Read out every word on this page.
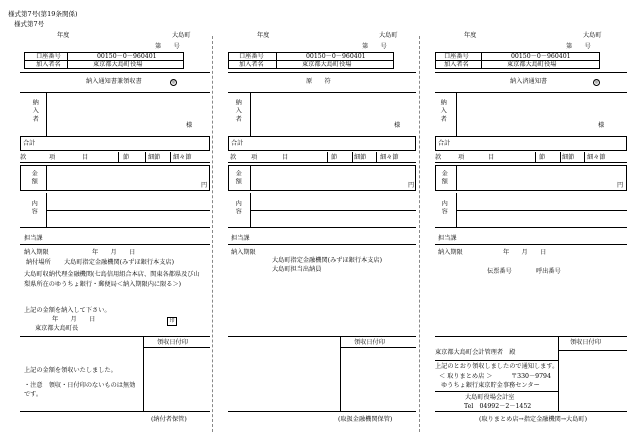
様式第7号(第19条関係)
様式第7号
年度	大島町
第　　号
口座番号	00150－0－960401
加入者名	東京都大島町役場
納入通知書兼領収書	◎
納入者
様
合計
款	項	目	節	細節 細々節
金額	円
内容
担当課
納入期限	年　　月　　日
納付場所 大島町指定金融機関(みずほ銀行本支店)
大島町収納代理金融機関(七島信用組合本店、関東各都県及び山梨県所在のゆうちょ銀行・郵便局＜納入期限内に限る＞)
上記の金額を納入して下さい。
年　　月　　日
東京都大島町長
印
領収日付印
上記の金額を領収いたしました。
・注意　領収・日付印のないものは無効です。
(納付者保管)
年度	大島町
第　　号
口座番号	00150－0－960401
加入者名	東京都大島町役場
原　　符
納入者
様
合計
款 項	目	節	細節 細々節
金額	円
内容
担当課
納入期限
大島町指定金融機関(みずほ銀行本支店)
大島町担当出納員
領収日付印
(取扱金融機関保管)
年度	大島町
第　　号
口座番号	00150－0－960401
加入者名	東京都大島町役場
納入済通知書	◎
納入者
様
合計
款	項	目	節	細節 細々節
金額	円
内容
担当課
納入期限	年　　月　　日
伝票番号	呼出番号
領収日付印
東京都大島町会計管理者　殿
上記のとおり領収しましたので通知します。
＜ 取りまとめ店 ＞	〒330－9794
ゆうちょ銀行東京貯金事務センター
大島町役場会計室
Tel　04992－2－1452
(取りまとめ店→指定金融機関→大島町)
